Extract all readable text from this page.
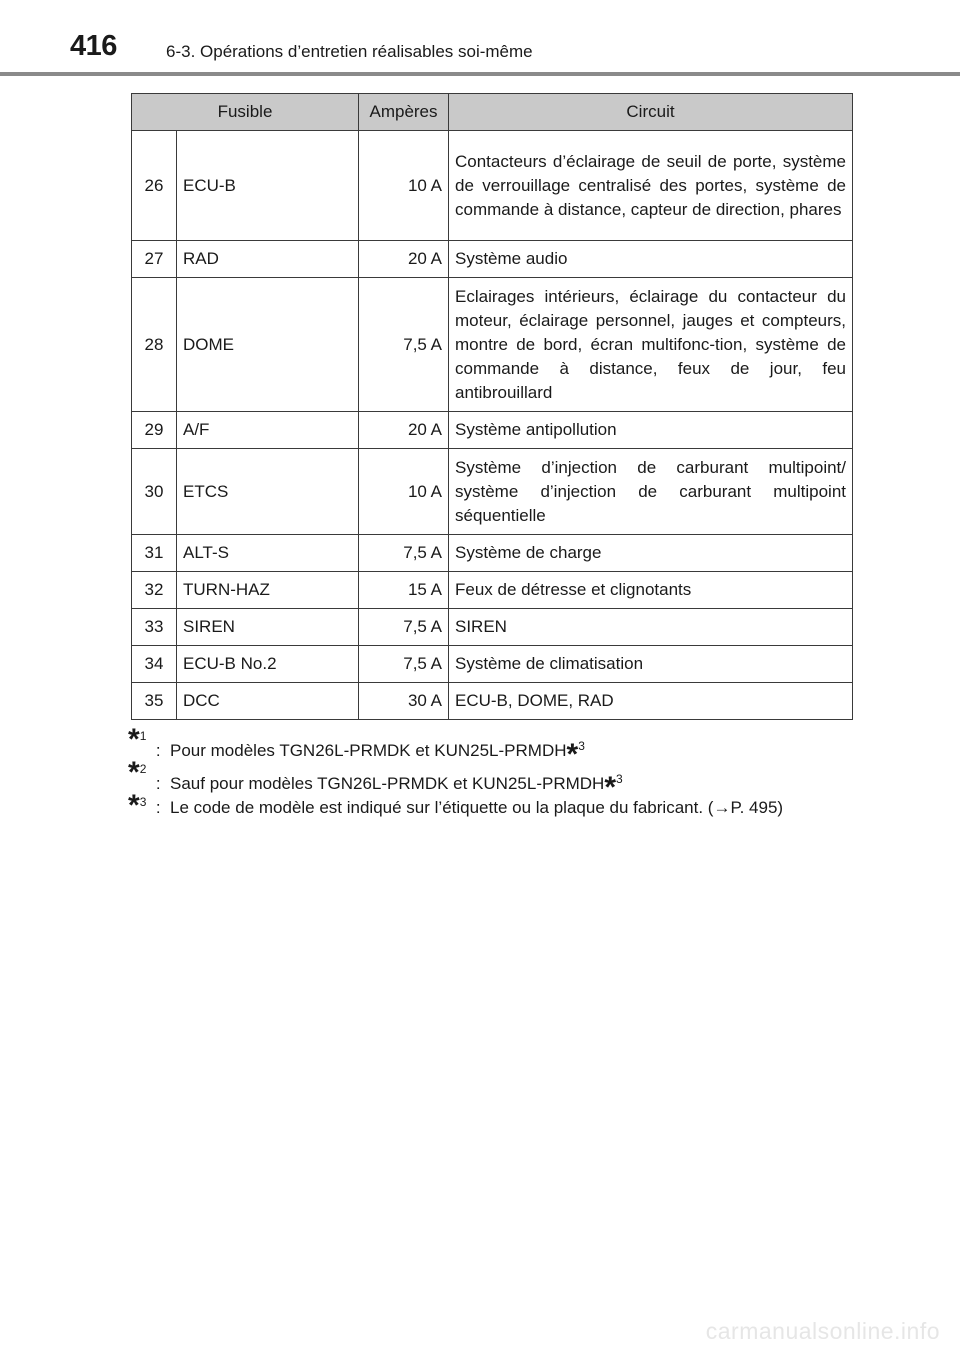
416	6-3. Opérations d’entretien réalisables soi-même
Fusible		Ampères	Circuit
26	ECU-B	10 A	Contacteurs d’éclairage de seuil de porte, système de verrouillage centralisé des portes, système de commande à distance, capteur de direction, phares
27	RAD	20 A	Système audio
28	DOME	7,5 A	Eclairages intérieurs, éclairage du contacteur du moteur, éclairage personnel, jauges et compteurs, montre de bord, écran multifonc-tion, système de commande à distance, feux de jour, feu antibrouillard
29	A/F	20 A	Système antipollution
30	ETCS	10 A	Système d’injection de carburant multipoint/ système d’injection de carburant multipoint séquentielle
31	ALT-S	7,5 A	Système de charge
32	TURN-HAZ	15 A	Feux de détresse et clignotants
33	SIREN	7,5 A	SIREN
34	ECU-B No.2	7,5 A	Système de climatisation
35	DCC	30 A	ECU-B, DOME, RAD
*$^1$  :  Pour modèles TGN26L-PRMDK et KUN25L-PRMDH*$^3$
*$^2$  :  Sauf pour modèles TGN26L-PRMDK et KUN25L-PRMDH*$^3$
*$^3$  :  Le code de modèle est indiqué sur l’étiquette ou la plaque du fabricant. (→P. 495)
carmanualsonline.info
